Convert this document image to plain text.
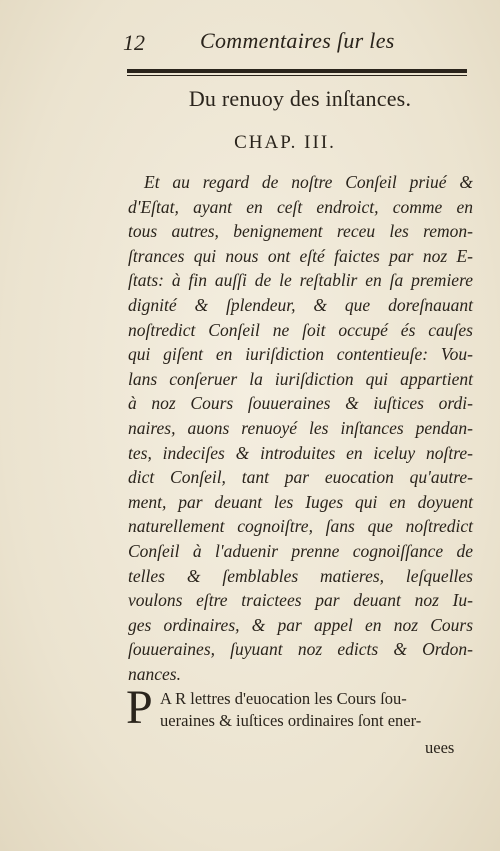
12	Commentaires ſur les
Du renuoy des inſtances.
CHAP. III.
Et au regard de noſtre Conſeil priué &
d'Eſtat, ayant en ceſt endroict, comme en
tous autres, benignement receu les remon-
ſtrances qui nous ont eſté faictes par noz E-
ſtats: à fin auſſi de le reſtablir en ſa premiere
dignité & ſplendeur, & que doreſnauant
noſtredict Conſeil ne ſoit occupé és cauſes
qui giſent en iuriſdiction contentieuſe: Vou-
lans conſeruer la iuriſdiction qui appartient
à noz Cours ſouueraines & iuſtices ordi-
naires, auons renuoyé les inſtances pendan-
tes, indeciſes & introduites en iceluy noſtre-
dict Conſeil, tant par euocation qu'autre-
ment, par deuant les Iuges qui en doyuent
naturellement cognoiſtre, ſans que noſtredict
Conſeil à l'aduenir prenne cognoiſſance de
telles & ſemblables matieres, leſquelles
voulons eſtre traictees par deuant noz Iu-
ges ordinaires, & par appel en noz Cours
ſouueraines, ſuyuant noz edicts & Ordon-
nances.
P A R lettres d'euocation les Cours ſou-
ueraines & iuſtices ordinaires ſont ener-
uees
